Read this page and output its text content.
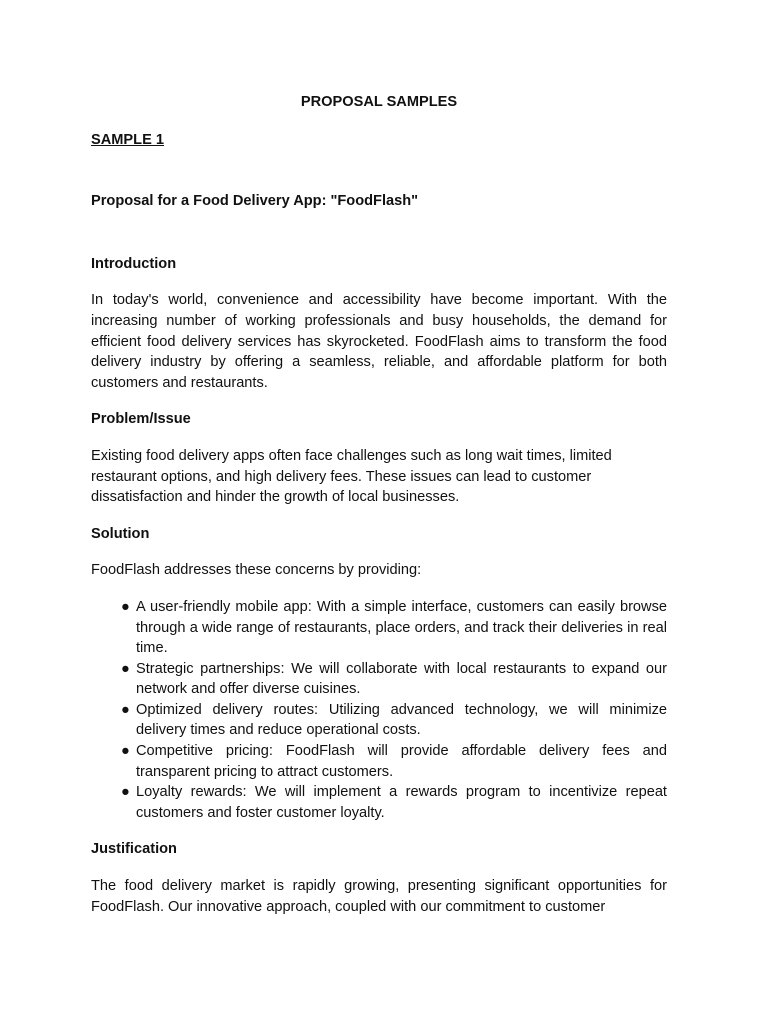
PROPOSAL SAMPLES

SAMPLE 1

Proposal for a Food Delivery App: "FoodFlash"

Introduction

In today's world, convenience and accessibility have become important. With the increasing number of working professionals and busy households, the demand for efficient food delivery services has skyrocketed. FoodFlash aims to transform the food delivery industry by offering a seamless, reliable, and affordable platform for both customers and restaurants.

Problem/Issue

Existing food delivery apps often face challenges such as long wait times, limited restaurant options, and high delivery fees. These issues can lead to customer dissatisfaction and hinder the growth of local businesses.

Solution

FoodFlash addresses these concerns by providing:

● A user-friendly mobile app: With a simple interface, customers can easily browse through a wide range of restaurants, place orders, and track their deliveries in real time.
● Strategic partnerships: We will collaborate with local restaurants to expand our network and offer diverse cuisines.
● Optimized delivery routes: Utilizing advanced technology, we will minimize delivery times and reduce operational costs.
● Competitive pricing: FoodFlash will provide affordable delivery fees and transparent pricing to attract customers.
● Loyalty rewards: We will implement a rewards program to incentivize repeat customers and foster customer loyalty.

Justification

The food delivery market is rapidly growing, presenting significant opportunities for FoodFlash. Our innovative approach, coupled with our commitment to customer
